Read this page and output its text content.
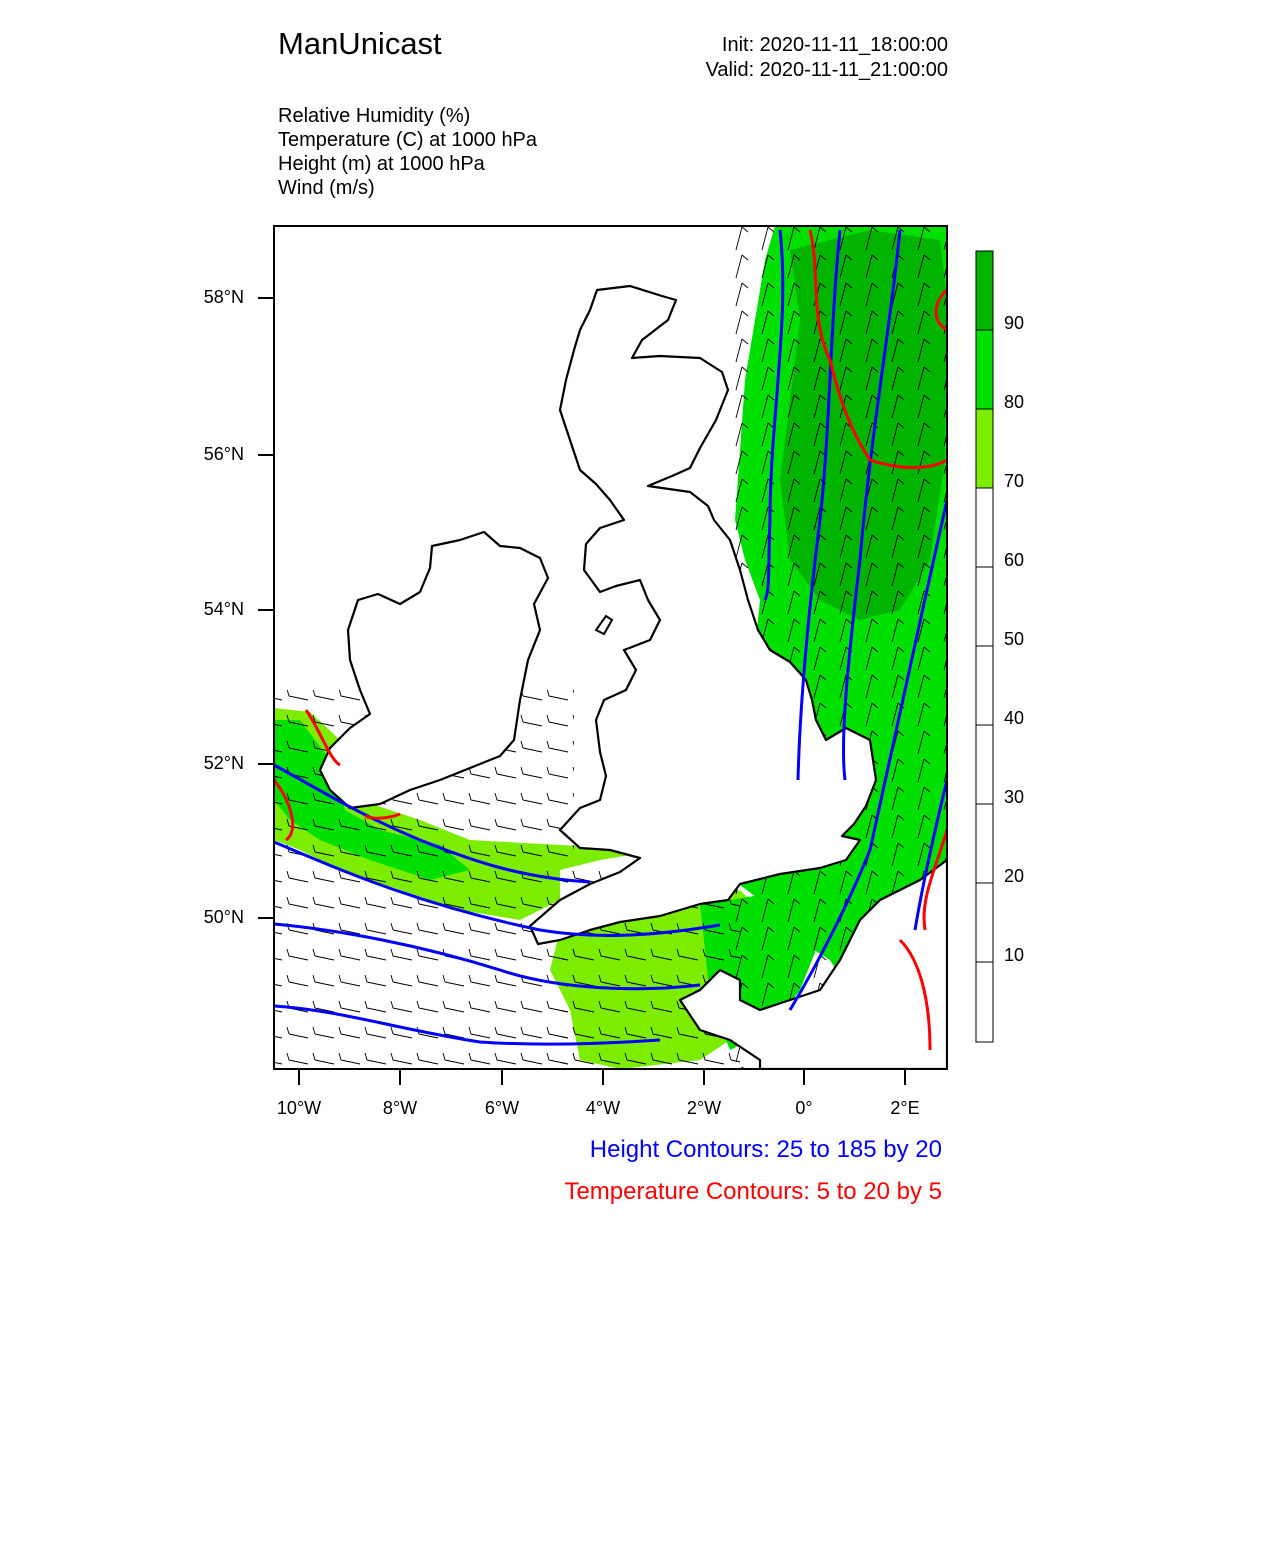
ManUnicast	Init: 2020-11-11_18:00:00
Valid: 2020-11-11_21:00:00
Relative Humidity (%)
Temperature (C) at 1000 hPa
Height (m) at 1000 hPa
Wind (m/s)
58°N
56°N
54°N
52°N
50°N
10°W	8°W	6°W	4°W	2°W	0°	2°E
90
80
70
60
50
40
30
20
10
Height Contours: 25 to 185 by 20
Temperature Contours: 5 to 20 by 5
